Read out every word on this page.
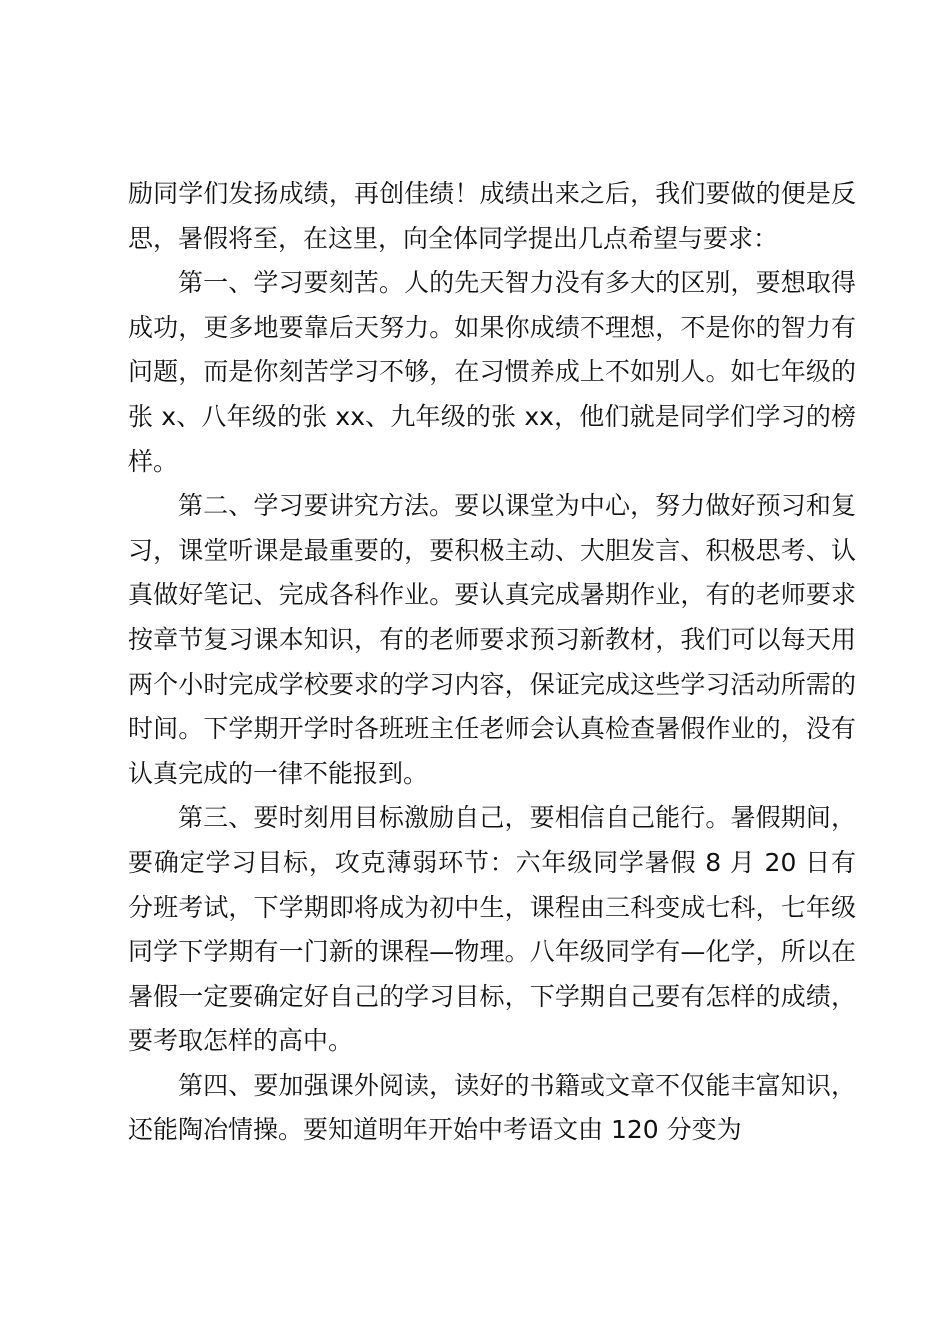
励同学们发扬成绩，再创佳绩！成绩出来之后，我们要做的便是反思，暑假将至，在这里，向全体同学提出几点希望与要求：

第一、学习要刻苦。人的先天智力没有多大的区别，要想取得成功，更多地要靠后天努力。如果你成绩不理想，不是你的智力有问题，而是你刻苦学习不够，在习惯养成上不如别人。如七年级的张 x、八年级的张 xx、九年级的张 xx，他们就是同学们学习的榜样。

第二、学习要讲究方法。要以课堂为中心，努力做好预习和复习，课堂听课是最重要的，要积极主动、大胆发言、积极思考、认真做好笔记、完成各科作业。要认真完成暑期作业，有的老师要求按章节复习课本知识，有的老师要求预习新教材，我们可以每天用两个小时完成学校要求的学习内容，保证完成这些学习活动所需的时间。下学期开学时各班班主任老师会认真检查暑假作业的，没有认真完成的一律不能报到。

第三、要时刻用目标激励自己，要相信自己能行。暑假期间，要确定学习目标，攻克薄弱环节：六年级同学暑假 8 月 20 日有分班考试，下学期即将成为初中生，课程由三科变成七科，七年级同学下学期有一门新的课程—物理。八年级同学有—化学，所以在暑假一定要确定好自己的学习目标，下学期自己要有怎样的成绩，要考取怎样的高中。

第四、要加强课外阅读，读好的书籍或文章不仅能丰富知识，还能陶冶情操。要知道明年开始中考语文由 120 分变为
